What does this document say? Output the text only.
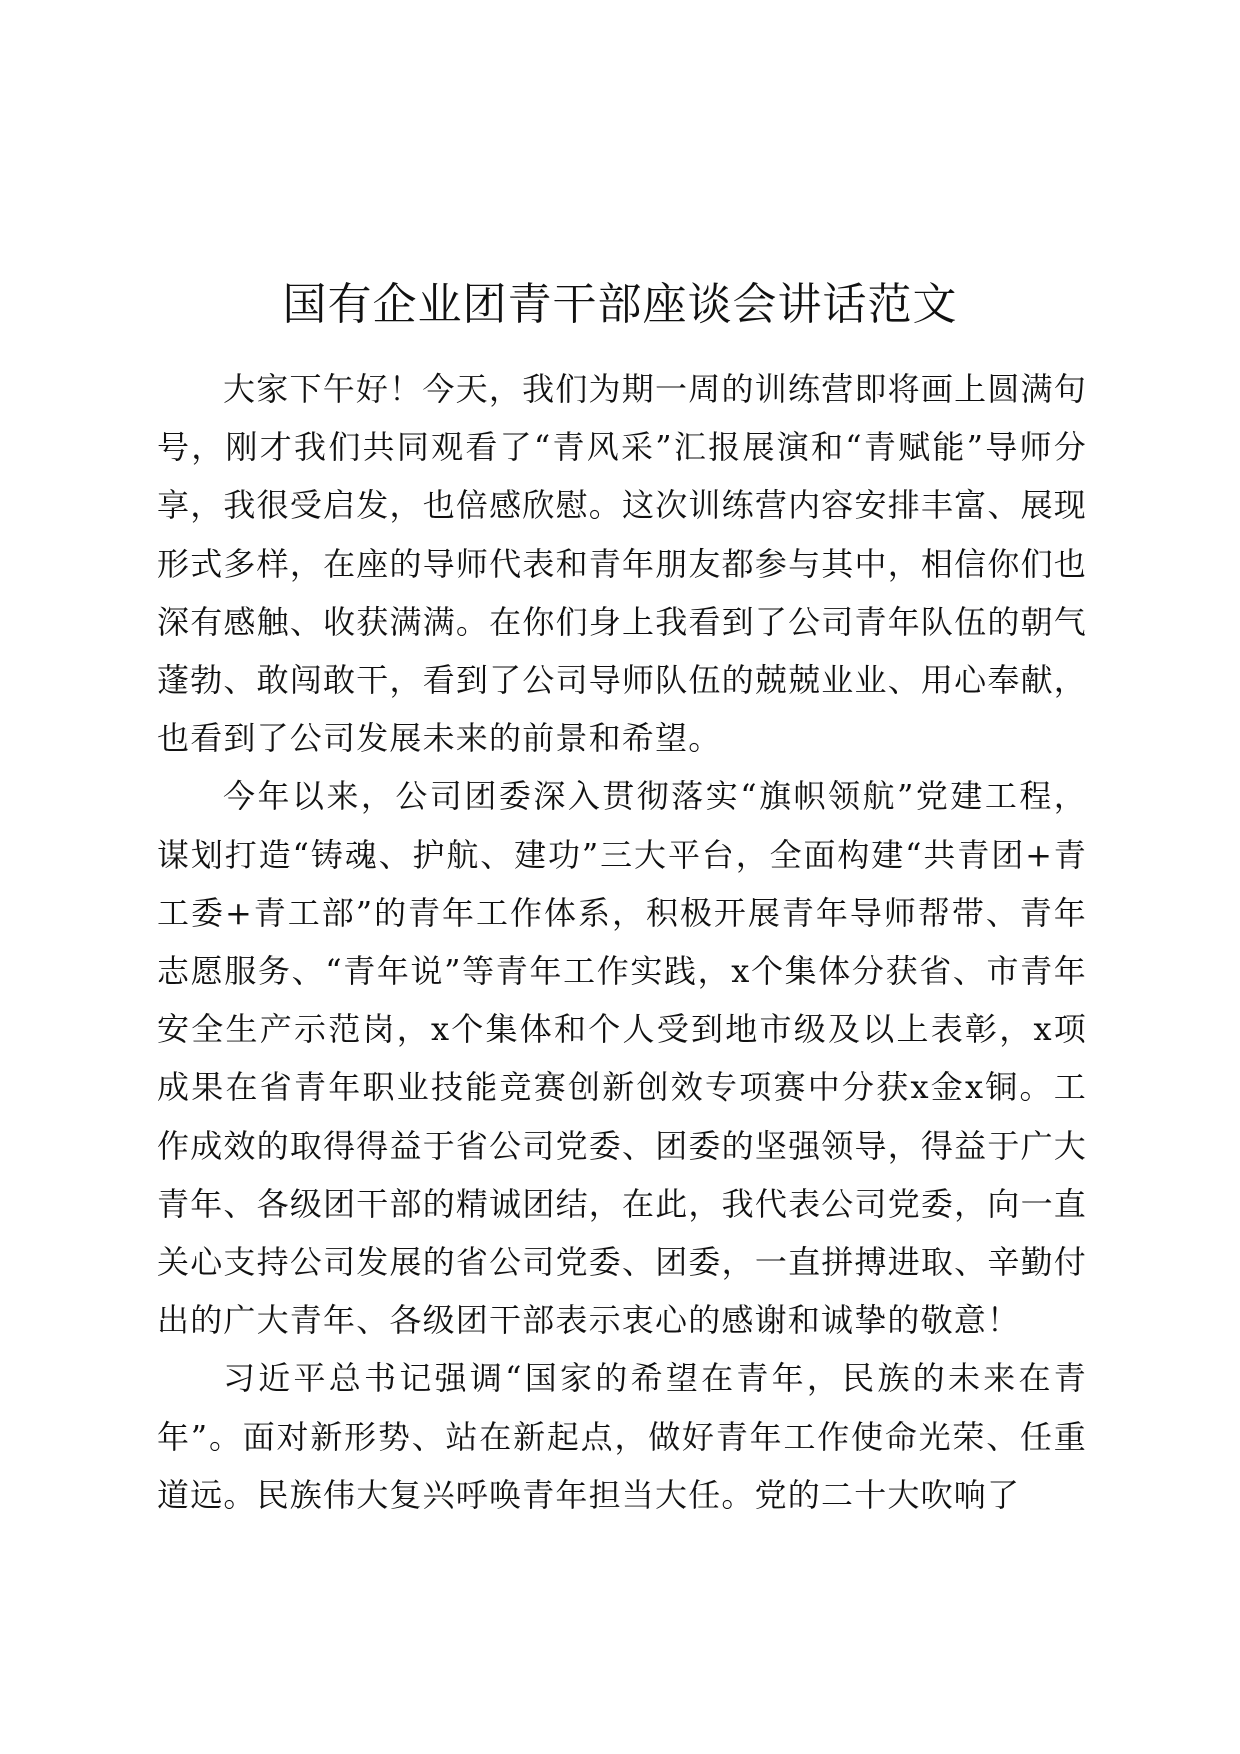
国有企业团青干部座谈会讲话范文

大家下午好！今天，我们为期一周的训练营即将画上圆满句号，刚才我们共同观看了“青风采”汇报展演和“青赋能”导师分享，我很受启发，也倍感欣慰。这次训练营内容安排丰富、展现形式多样，在座的导师代表和青年朋友都参与其中，相信你们也深有感触、收获满满。在你们身上我看到了公司青年队伍的朝气蓬勃、敢闯敢干，看到了公司导师队伍的兢兢业业、用心奉献，也看到了公司发展未来的前景和希望。

今年以来，公司团委深入贯彻落实“旗帜领航”党建工程，谋划打造“铸魂、护航、建功”三大平台，全面构建“共青团+青工委+青工部”的青年工作体系，积极开展青年导师帮带、青年志愿服务、“青年说”等青年工作实践，x个集体分获省、市青年安全生产示范岗，x个集体和个人受到地市级及以上表彰，x项成果在省青年职业技能竞赛创新创效专项赛中分获x金x铜。工作成效的取得得益于省公司党委、团委的坚强领导，得益于广大青年、各级团干部的精诚团结，在此，我代表公司党委，向一直关心支持公司发展的省公司党委、团委，一直拼搏进取、辛勤付出的广大青年、各级团干部表示衷心的感谢和诚挚的敬意！

习近平总书记强调“国家的希望在青年，民族的未来在青年”。面对新形势、站在新起点，做好青年工作使命光荣、任重道远。民族伟大复兴呼唤青年担当大任。党的二十大吹响了
